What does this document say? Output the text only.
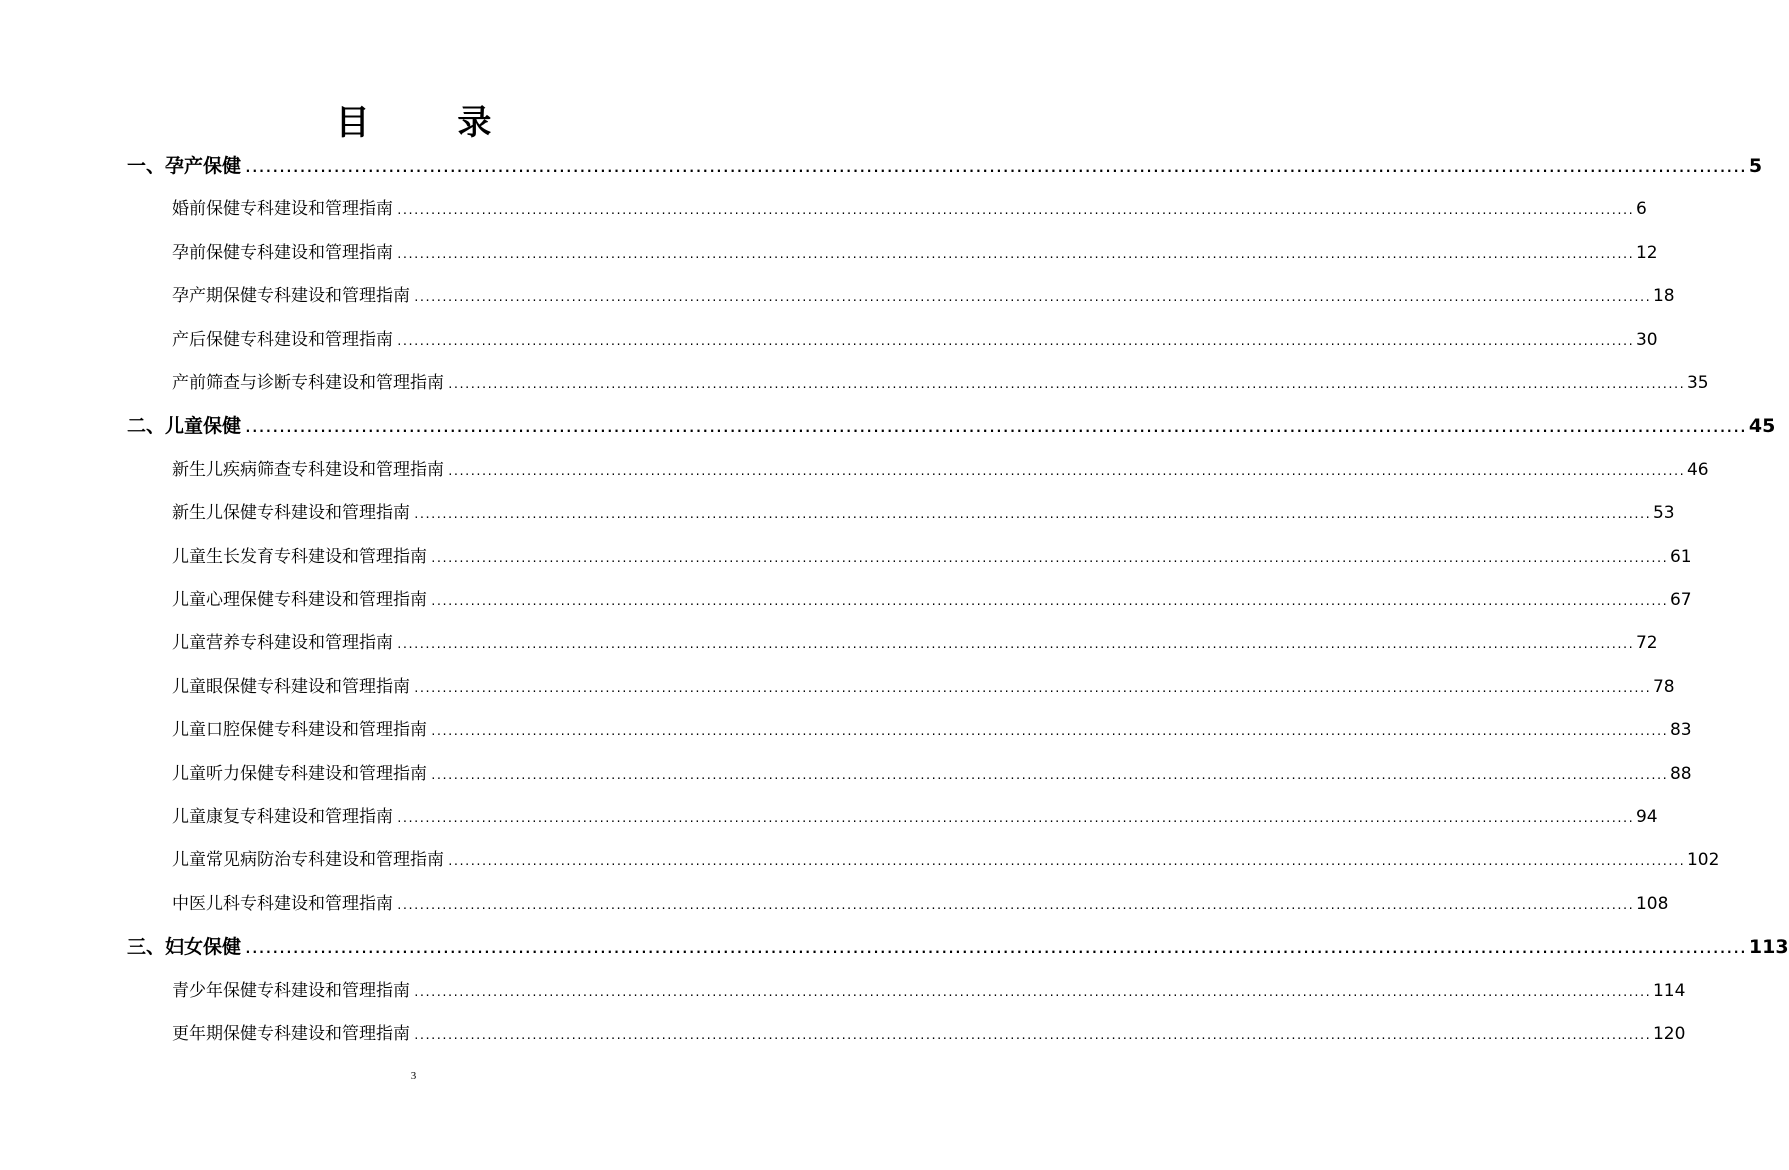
目 录
一、孕产保健 ............................................................................................................................................................................................................................ 5
婚前保健专科建设和管理指南 ............................................................................................................................................................................................................................ 6
孕前保健专科建设和管理指南 ............................................................................................................................................................................................................................ 12
孕产期保健专科建设和管理指南 ............................................................................................................................................................................................................................ 18
产后保健专科建设和管理指南 ............................................................................................................................................................................................................................ 30
产前筛查与诊断专科建设和管理指南 ............................................................................................................................................................................................................................ 35
二、儿童保健 ............................................................................................................................................................................................................................ 45
新生儿疾病筛查专科建设和管理指南 ............................................................................................................................................................................................................................ 46
新生儿保健专科建设和管理指南 ............................................................................................................................................................................................................................ 53
儿童生长发育专科建设和管理指南 ............................................................................................................................................................................................................................ 61
儿童心理保健专科建设和管理指南 ............................................................................................................................................................................................................................ 67
儿童营养专科建设和管理指南 ............................................................................................................................................................................................................................ 72
儿童眼保健专科建设和管理指南 ............................................................................................................................................................................................................................ 78
儿童口腔保健专科建设和管理指南 ............................................................................................................................................................................................................................ 83
儿童听力保健专科建设和管理指南 ............................................................................................................................................................................................................................ 88
儿童康复专科建设和管理指南 ............................................................................................................................................................................................................................ 94
儿童常见病防治专科建设和管理指南 ............................................................................................................................................................................................................................ 102
中医儿科专科建设和管理指南 ............................................................................................................................................................................................................................ 108
三、妇女保健 ............................................................................................................................................................................................................................ 113
青少年保健专科建设和管理指南 ............................................................................................................................................................................................................................ 114
更年期保健专科建设和管理指南 ............................................................................................................................................................................................................................ 120
3
